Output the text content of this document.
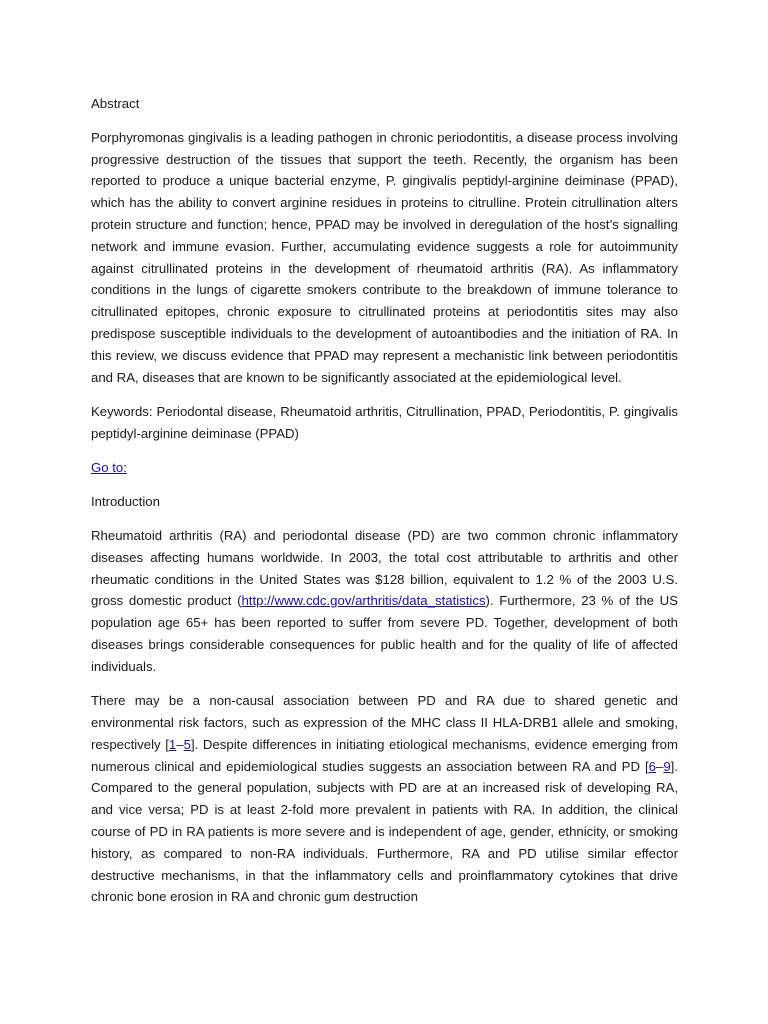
Abstract

Porphyromonas gingivalis is a leading pathogen in chronic periodontitis, a disease process involving progressive destruction of the tissues that support the teeth. Recently, the organism has been reported to produce a unique bacterial enzyme, P. gingivalis peptidyl-arginine deiminase (PPAD), which has the ability to convert arginine residues in proteins to citrulline. Protein citrullination alters protein structure and function; hence, PPAD may be involved in deregulation of the host’s signalling network and immune evasion. Further, accumulating evidence suggests a role for autoimmunity against citrullinated proteins in the development of rheumatoid arthritis (RA). As inflammatory conditions in the lungs of cigarette smokers contribute to the breakdown of immune tolerance to citrullinated epitopes, chronic exposure to citrullinated proteins at periodontitis sites may also predispose susceptible individuals to the development of autoantibodies and the initiation of RA. In this review, we discuss evidence that PPAD may represent a mechanistic link between periodontitis and RA, diseases that are known to be significantly associated at the epidemiological level.

Keywords: Periodontal disease, Rheumatoid arthritis, Citrullination, PPAD, Periodontitis, P. gingivalis peptidyl-arginine deiminase (PPAD)

Go to:

Introduction

Rheumatoid arthritis (RA) and periodontal disease (PD) are two common chronic inflammatory diseases affecting humans worldwide. In 2003, the total cost attributable to arthritis and other rheumatic conditions in the United States was $128 billion, equivalent to 1.2 % of the 2003 U.S. gross domestic product (http://www.cdc.gov/arthritis/data_statistics). Furthermore, 23 % of the US population age 65+ has been reported to suffer from severe PD. Together, development of both diseases brings considerable consequences for public health and for the quality of life of affected individuals.

There may be a non-causal association between PD and RA due to shared genetic and environmental risk factors, such as expression of the MHC class II HLA-DRB1 allele and smoking, respectively [1–5]. Despite differences in initiating etiological mechanisms, evidence emerging from numerous clinical and epidemiological studies suggests an association between RA and PD [6–9]. Compared to the general population, subjects with PD are at an increased risk of developing RA, and vice versa; PD is at least 2-fold more prevalent in patients with RA. In addition, the clinical course of PD in RA patients is more severe and is independent of age, gender, ethnicity, or smoking history, as compared to non-RA individuals. Furthermore, RA and PD utilise similar effector destructive mechanisms, in that the inflammatory cells and proinflammatory cytokines that drive chronic bone erosion in RA and chronic gum destruction
